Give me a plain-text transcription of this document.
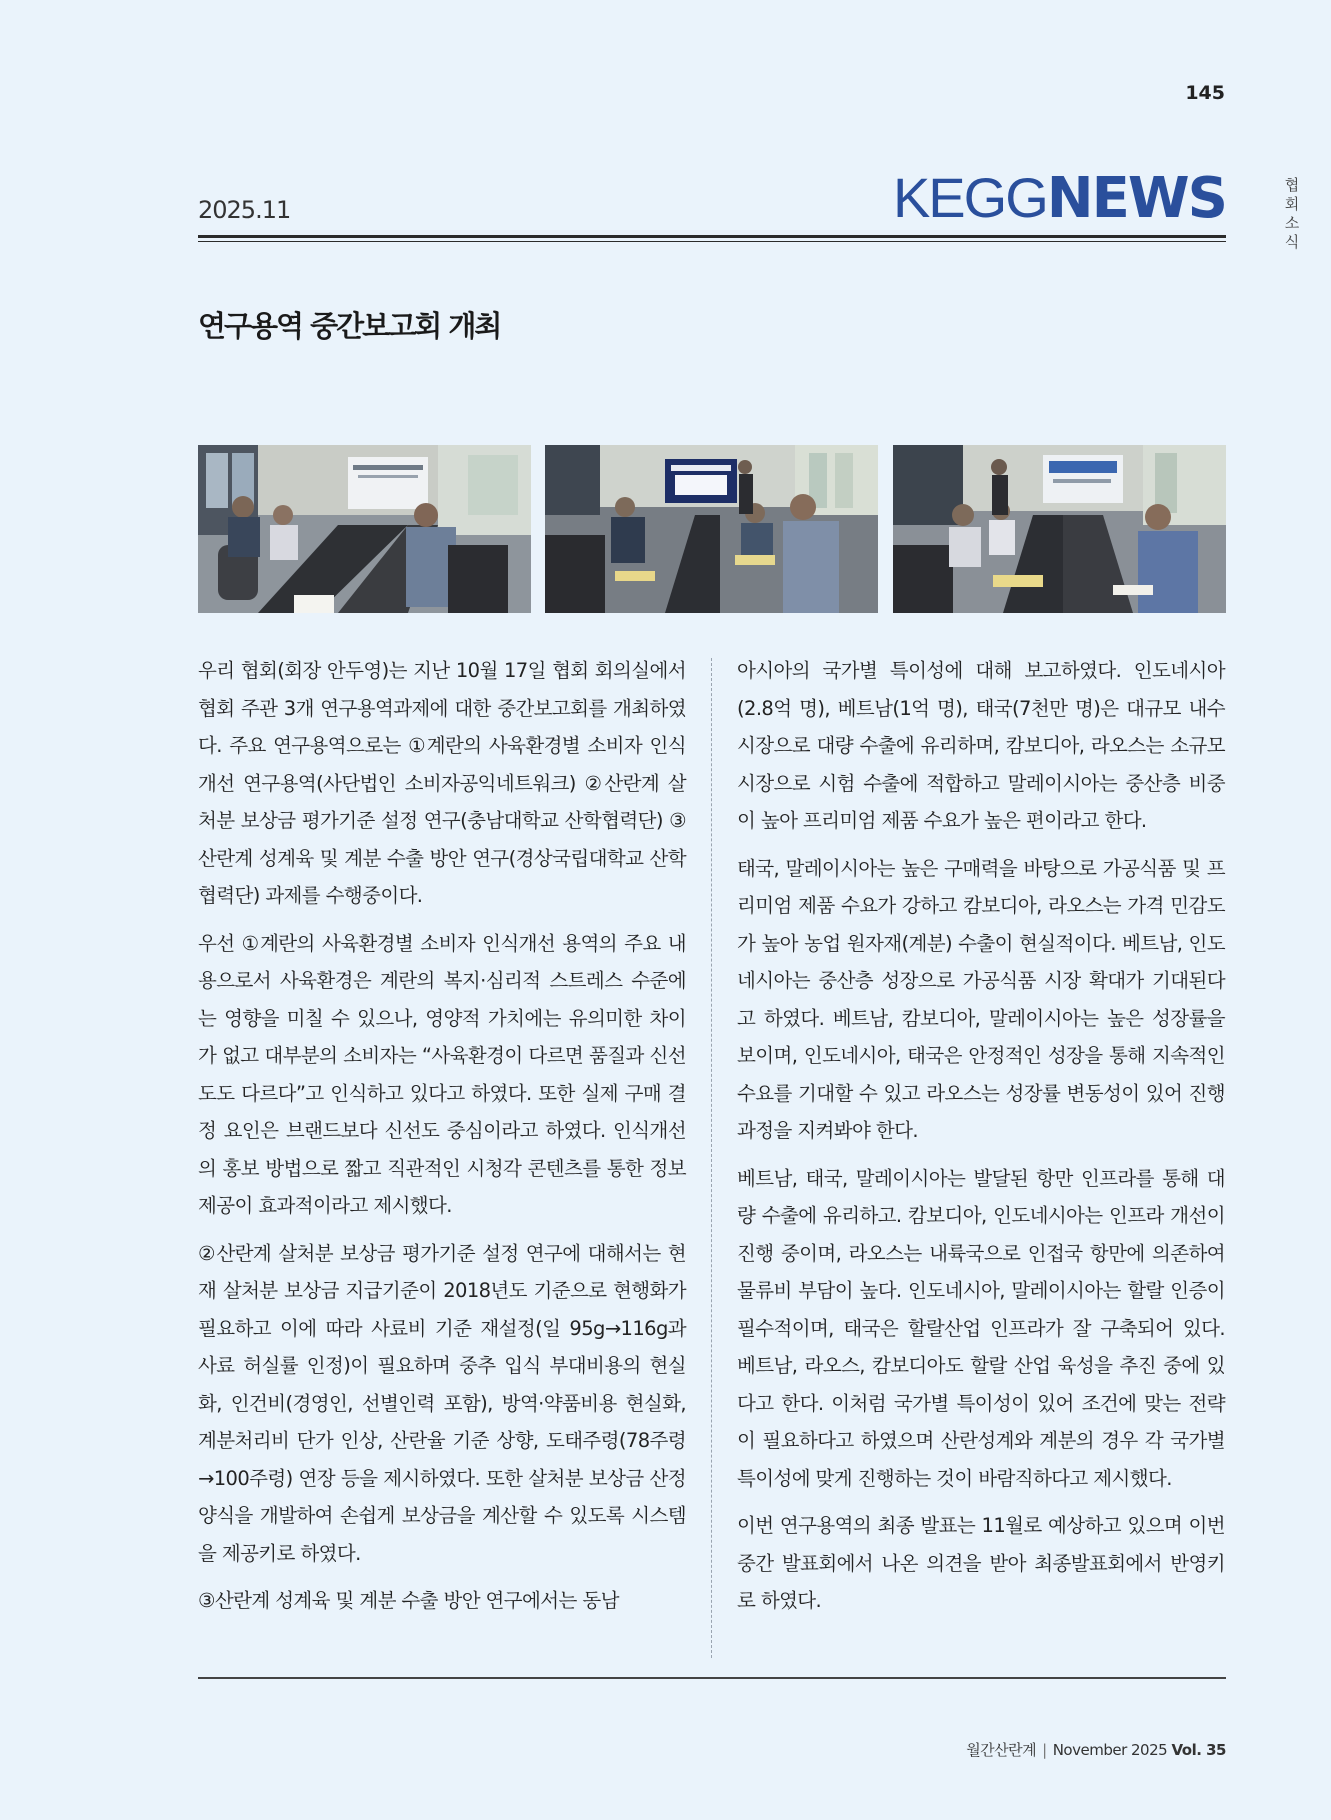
145
협회 소식
2025.11	KEGGNEWS
연구용역 중간보고회 개최

우리 협회(회장 안두영)는 지난 10월 17일 협회 회의실에서 협회 주관 3개 연구용역과제에 대한 중간보고회를 개최하였다. 주요 연구용역으로는 ①계란의 사육환경별 소비자 인식개선 연구용역(사단법인 소비자공익네트워크) ②산란계 살처분 보상금 평가기준 설정 연구(충남대학교 산학협력단) ③산란계 성계육 및 계분 수출 방안 연구(경상국립대학교 산학협력단) 과제를 수행중이다.

우선 ①계란의 사육환경별 소비자 인식개선 용역의 주요 내용으로서 사육환경은 계란의 복지·심리적 스트레스 수준에는 영향을 미칠 수 있으나, 영양적 가치에는 유의미한 차이가 없고 대부분의 소비자는 “사육환경이 다르면 품질과 신선도도 다르다”고 인식하고 있다고 하였다. 또한 실제 구매 결정 요인은 브랜드보다 신선도 중심이라고 하였다. 인식개선의 홍보 방법으로 짧고 직관적인 시청각 콘텐츠를 통한 정보 제공이 효과적이라고 제시했다.

②산란계 살처분 보상금 평가기준 설정 연구에 대해서는 현재 살처분 보상금 지급기준이 2018년도 기준으로 현행화가 필요하고 이에 따라 사료비 기준 재설정(일 95g→116g과 사료 허실률 인정)이 필요하며 중추 입식 부대비용의 현실화, 인건비(경영인, 선별인력 포함), 방역·약품비용 현실화, 계분처리비 단가 인상, 산란율 기준 상향, 도태주령(78주령→100주령) 연장 등을 제시하였다. 또한 살처분 보상금 산정 양식을 개발하여 손쉽게 보상금을 계산할 수 있도록 시스템을 제공키로 하였다.

③산란계 성계육 및 계분 수출 방안 연구에서는 동남

아시아의 국가별 특이성에 대해 보고하였다. 인도네시아(2.8억 명), 베트남(1억 명), 태국(7천만 명)은 대규모 내수시장으로 대량 수출에 유리하며, 캄보디아, 라오스는 소규모 시장으로 시험 수출에 적합하고 말레이시아는 중산층 비중이 높아 프리미엄 제품 수요가 높은 편이라고 한다.

태국, 말레이시아는 높은 구매력을 바탕으로 가공식품 및 프리미엄 제품 수요가 강하고 캄보디아, 라오스는 가격 민감도가 높아 농업 원자재(계분) 수출이 현실적이다. 베트남, 인도네시아는 중산층 성장으로 가공식품 시장 확대가 기대된다고 하였다. 베트남, 캄보디아, 말레이시아는 높은 성장률을 보이며, 인도네시아, 태국은 안정적인 성장을 통해 지속적인 수요를 기대할 수 있고 라오스는 성장률 변동성이 있어 진행 과정을 지켜봐야 한다.

베트남, 태국, 말레이시아는 발달된 항만 인프라를 통해 대량 수출에 유리하고. 캄보디아, 인도네시아는 인프라 개선이 진행 중이며, 라오스는 내륙국으로 인접국 항만에 의존하여 물류비 부담이 높다. 인도네시아, 말레이시아는 할랄 인증이 필수적이며, 태국은 할랄산업 인프라가 잘 구축되어 있다. 베트남, 라오스, 캄보디아도 할랄 산업 육성을 추진 중에 있다고 한다. 이처럼 국가별 특이성이 있어 조건에 맞는 전략이 필요하다고 하였으며 산란성계와 계분의 경우 각 국가별 특이성에 맞게 진행하는 것이 바람직하다고 제시했다.

이번 연구용역의 최종 발표는 11월로 예상하고 있으며 이번 중간 발표회에서 나온 의견을 받아 최종발표회에서 반영키로 하였다.

월간산란계 | November 2025 Vol. 35
